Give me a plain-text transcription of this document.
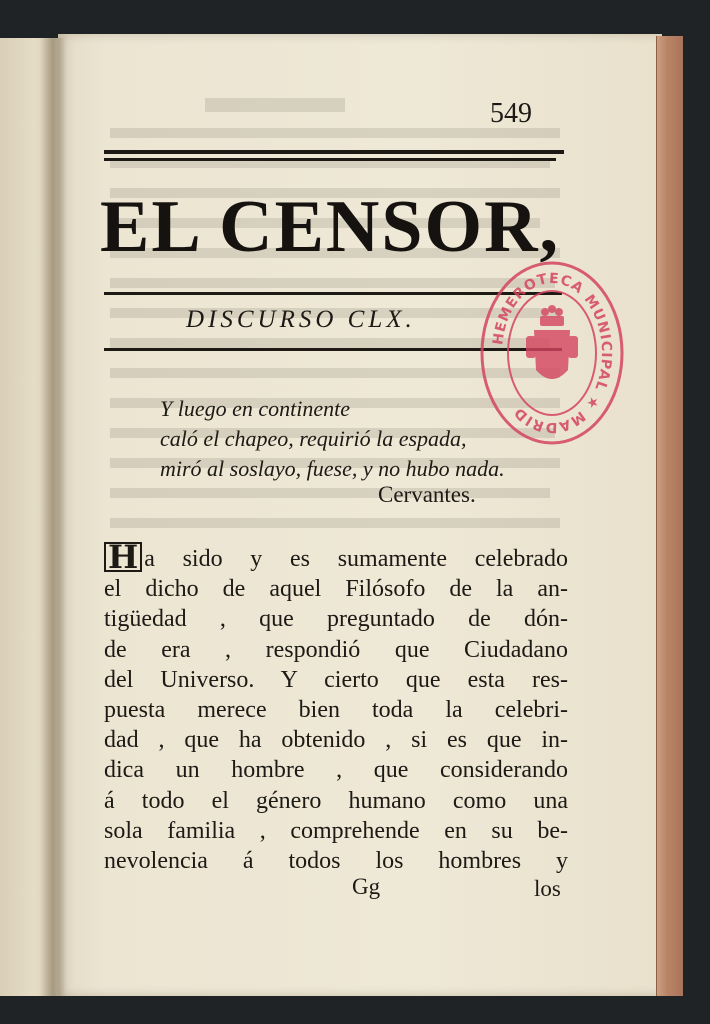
549
EL CENSOR,
DISCURSO CLX.
Y luego en continente
caló el chapeo, requirió la espada,
miró al soslayo, fuese, y no hubo nada.
Cervantes.
H a sido y es sumamente celebrado
el dicho de aquel Filósofo de la an-
tigüedad , que preguntado de dón-
de era , respondió que Ciudadano
del Universo. Y cierto que esta res-
puesta merece bien toda la celebri-
dad , que ha obtenido , si es que in-
dica un hombre , que considerando
á todo el género humano como una
sola familia , comprehende en su be-
nevolencia á todos los hombres y
Gg	los
HEMEROTECA MUNICIPAL ★ MADRID
